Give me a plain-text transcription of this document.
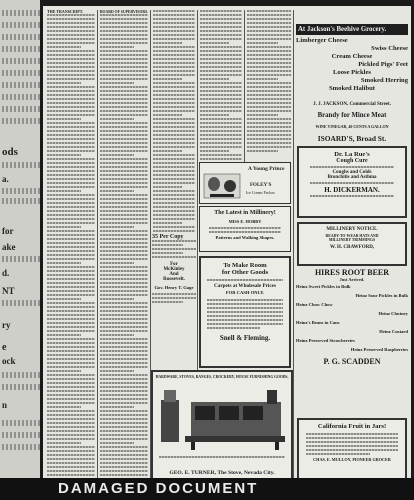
ods
a.
for
ake
d.
NT
ry
e
ock
n
THE TRANSCRIPT.	BOARD OF SUPERVISORS.
35 Per Copy
For
McKinley
And
Roosevelt.
Gov. Henry T. Gage
A Young Prince
FOLEY'S
Ice Cream Parlors
The Latest in Millinery!
MISS E. HOBBY
Patterns and Walking Shapes.
To Make Room
for Other Goods
Carpets at Wholesale Prices
FOR CASH ONLY.
Snell & Fleming.
HARDWARE, STOVES, RANGES, CROCKERY, HOUSE FURNISHING GOODS,
GEO. E. TURNER, The Stove, Nevada City.
At Jackson's Beehive Grocery.
Limberger Cheese
Swiss Cheese
Cream Cheese
Pickled Pigs' Feet
Loose Pickles
Smoked Herring
Smoked Halibut
J. J. JACKSON, Commercial Street.
Brandy for Mince Meat
WINE VINEGAR, 40 CENTS A GALLON
ISOARD'S, Broad St.
Dr. La Rue's
Cough Cure
Coughs and Colds
Bronchitis and Asthma
H. DICKERMAN.
MILLINERY NOTICE.
READY-TO-WEAR HATS AND
MILLINERY TRIMMINGS
W. H. CRAWFORD,
HIRES ROOT BEER
Just Arrived.
Heinz Sweet Pickles in Bulk
Heinz Sour Pickles in Bulk
Heinz Chow Chow
Heinz Chutney
Heinz's Beans in Cans
Heinz Custard
Heinz Preserved Strawberries
Heinz Preserved Raspberries
P. G. SCADDEN
California Fruit in Jars!
CHAS. E. MULLOY, PIONEER GROCER
DAMAGED DOCUMENT
